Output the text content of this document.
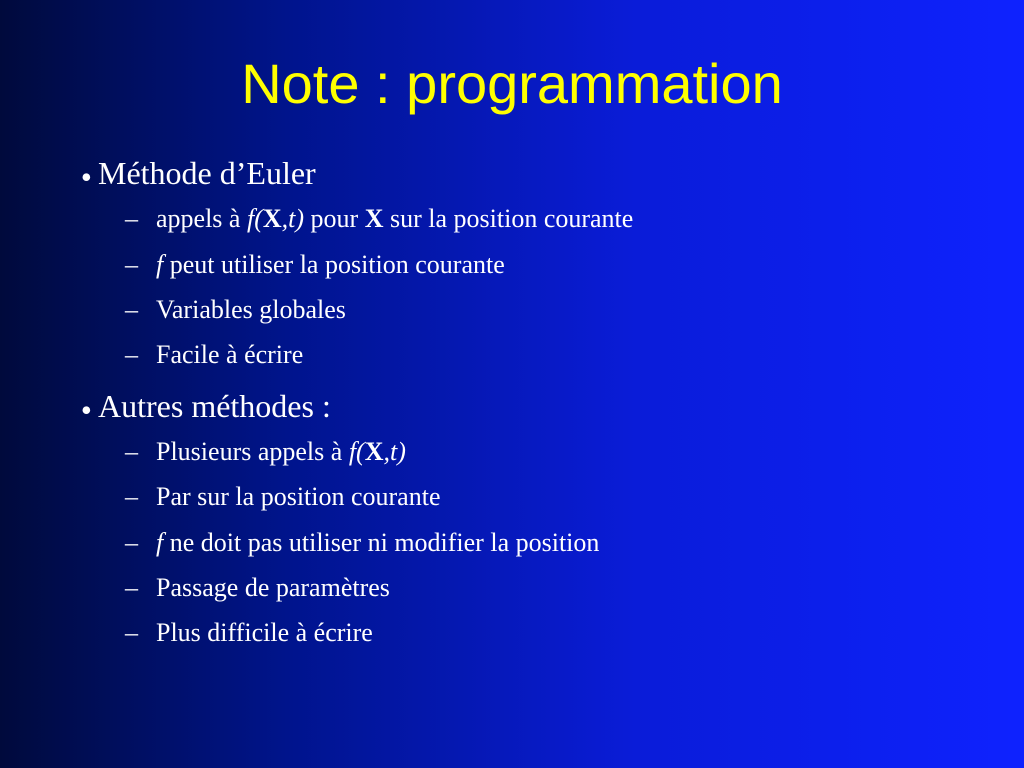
Note : programmation
• Méthode d’Euler
– appels à f(X,t) pour X sur la position courante
– f peut utiliser la position courante
– Variables globales
– Facile à écrire
• Autres méthodes :
– Plusieurs appels à f(X,t)
– Par sur la position courante
– f ne doit pas utiliser ni modifier la position
– Passage de paramètres
– Plus difficile à écrire
